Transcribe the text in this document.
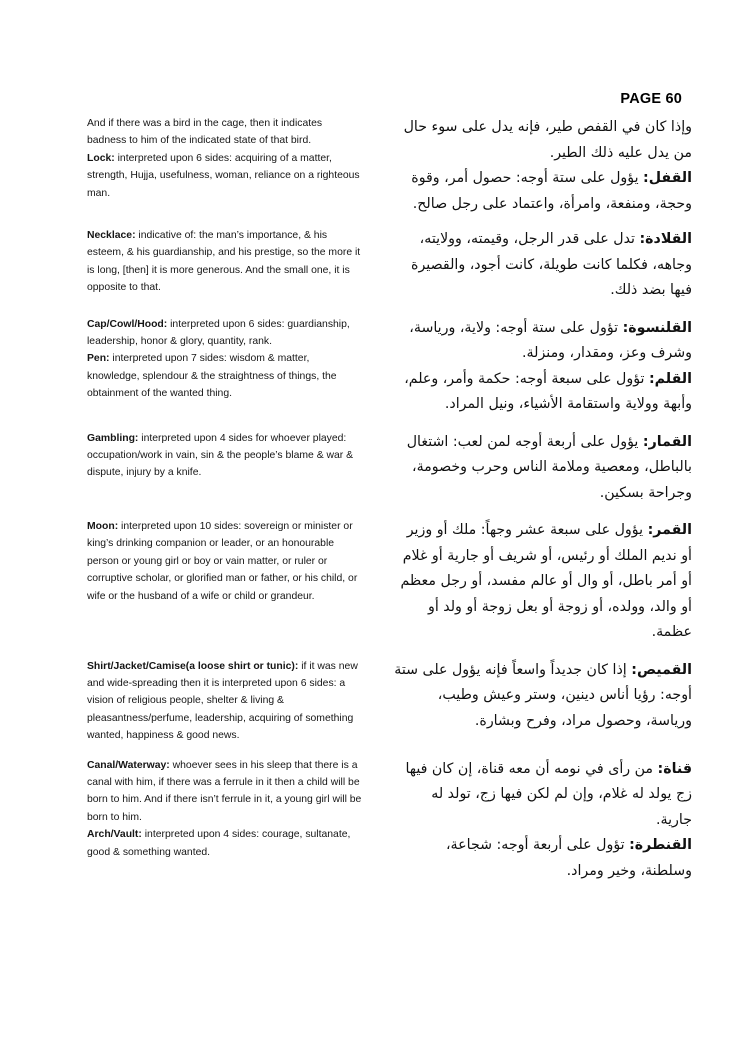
PAGE 60

And if there was a bird in the cage, then it indicates badness to him of the indicated state of that bird.

Lock: interpreted upon 6 sides: acquiring of a matter, strength, Hujja, usefulness, woman, reliance on a righteous man.

وإذا كان في القفص طير، فإنه يدل على سوء حال من يدل عليه ذلك الطير.

القفل: يؤول على ستة أوجه: حصول أمر، وقوة وحجة، ومنفعة، وامرأة، واعتماد على رجل صالح.

Necklace: indicative of: the man’s importance, & his esteem, & his guardianship, and his prestige, so the more it is long, [then] it is more generous. And the small one, it is opposite to that.

القلادة: تدل على قدر الرجل، وقيمته، وولايته، وجاهه، فكلما كانت طويلة، كانت أجود، والقصيرة فيها بضد ذلك.

Cap/Cowl/Hood: interpreted upon 6 sides: guardianship, leadership, honor & glory, quantity, rank.

Pen: interpreted upon 7 sides: wisdom & matter, knowledge, splendour & the straightness of things, the obtainment of the wanted thing.

القلنسوة: تؤول على ستة أوجه: ولاية، ورياسة، وشرف وعز، ومقدار، ومنزلة.

القلم: تؤول على سبعة أوجه: حكمة وأمر، وعلم، وأبهة وولاية واستقامة الأشياء، ونيل المراد.

Gambling: interpreted upon 4 sides for whoever played: occupation/work in vain, sin & the people’s blame & war & dispute, injury by a knife.

القمار: يؤول على أربعة أوجه لمن لعب: اشتغال بالباطل، ومعصية وملامة الناس وحرب وخصومة، وجراحة بسكين.

Moon: interpreted upon 10 sides: sovereign or minister or king’s drinking companion or leader, or an honourable person or young girl or boy or vain matter, or ruler or corruptive scholar, or glorified man or father, or his child, or wife or the husband of a wife or child or grandeur.

القمر: يؤول على سبعة عشر وجهاً: ملك أو وزير أو نديم الملك أو رئيس، أو شريف أو جارية أو غلام أو أمر باطل، أو وال أو عالم مفسد، أو رجل معظم أو والد، وولده، أو زوجة أو بعل زوجة أو ولد أو عظمة.

Shirt/Jacket/Camise(a loose shirt or tunic): if it was new and wide-spreading then it is interpreted upon 6 sides: a vision of religious people, shelter & living & pleasantness/perfume, leadership, acquiring of something wanted, happiness & good news.

القميص: إذا كان جديداً واسعاً فإنه يؤول على ستة أوجه: رؤيا أناس دينين، وستر وعيش وطيب، ورياسة، وحصول مراد، وفرح وبشارة.

Canal/Waterway: whoever sees in his sleep that there is a canal with him, if there was a ferrule in it then a child will be born to him. And if there isn’t ferrule in it, a young girl will be born to him.

Arch/Vault: interpreted upon 4 sides: courage, sultanate, good & something wanted.

قناة: من رأى في نومه أن معه قناة، إن كان فيها زج يولد له غلام، وإن لم لكن فيها زج، تولد له جارية.

القنطرة: تؤول على أربعة أوجه: شجاعة، وسلطنة، وخير ومراد.
